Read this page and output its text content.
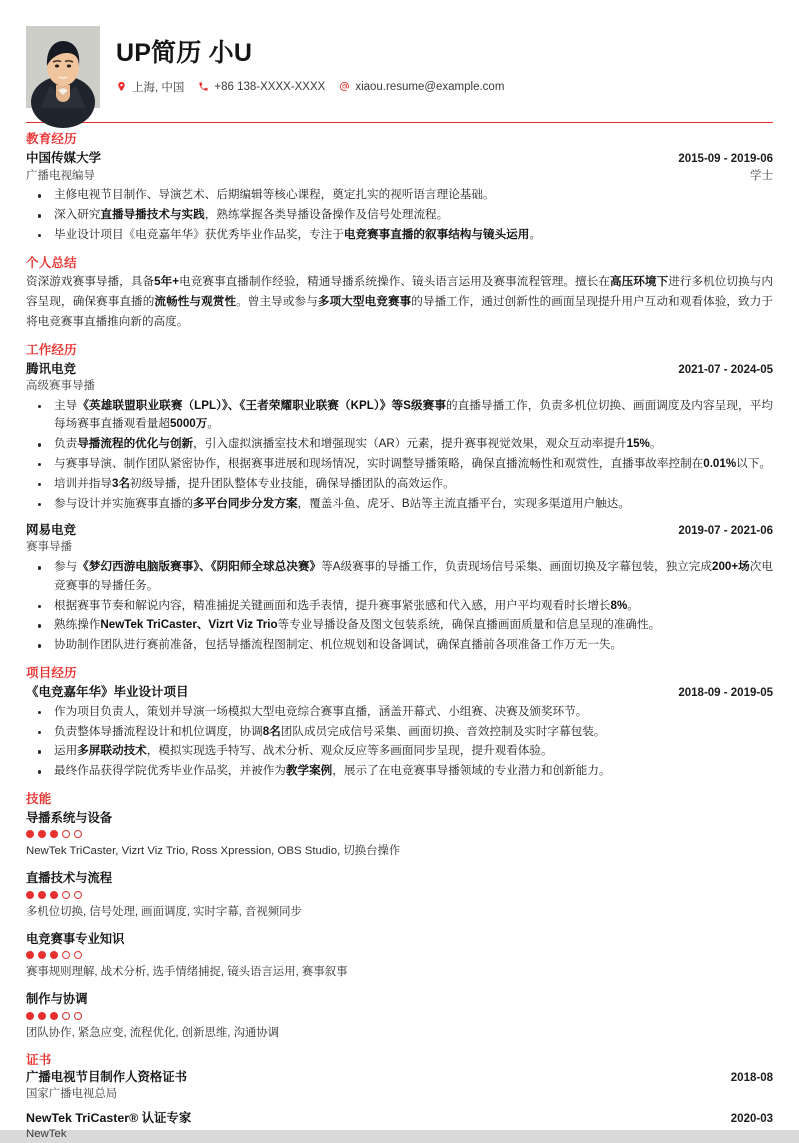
UP简历 小U
上海, 中国	+86 138-XXXX-XXXX	xiaou.resume@example.com
教育经历
中国传媒大学	2015-09 - 2019-06
广播电视编导	学士
主修电视节目制作、导演艺术、后期编辑等核心课程，奠定扎实的视听语言理论基础。
深入研究直播导播技术与实践，熟练掌握各类导播设备操作及信号处理流程。
毕业设计项目《电竞嘉年华》获优秀毕业作品奖，专注于电竞赛事直播的叙事结构与镜头运用。
个人总结

资深游戏赛事导播，具备5年+电竞赛事直播制作经验，精通导播系统操作、镜头语言运用及赛事流程管理。擅长在高压环境下进行多机位切换与内容呈现，确保赛事直播的流畅性与观赏性。曾主导或参与多项大型电竞赛事的导播工作，通过创新性的画面呈现提升用户互动和观看体验，致力于将电竞赛事直播推向新的高度。

工作经历
腾讯电竞	2021-07 - 2024-05
高级赛事导播
主导《英雄联盟职业联赛（LPL）》、《王者荣耀职业联赛（KPL）》等S级赛事的直播导播工作，负责多机位切换、画面调度及内容呈现，平均每场赛事直播观看量超5000万。
负责导播流程的优化与创新，引入虚拟演播室技术和增强现实（AR）元素，提升赛事视觉效果，观众互动率提升15%。
与赛事导演、制作团队紧密协作，根据赛事进展和现场情况，实时调整导播策略，确保直播流畅性和观赏性，直播事故率控制在0.01%以下。
培训并指导3名初级导播，提升团队整体专业技能，确保导播团队的高效运作。
参与设计并实施赛事直播的多平台同步分发方案，覆盖斗鱼、虎牙、B站等主流直播平台，实现多渠道用户触达。
网易电竞	2019-07 - 2021-06
赛事导播
参与《梦幻西游电脑版赛事》、《阴阳师全球总决赛》等A级赛事的导播工作，负责现场信号采集、画面切换及字幕包装，独立完成200+场次电竞赛事的导播任务。
根据赛事节奏和解说内容，精准捕捉关键画面和选手表情，提升赛事紧张感和代入感，用户平均观看时长增长8%。
熟练操作NewTek TriCaster、Vizrt Viz Trio等专业导播设备及图文包装系统，确保直播画面质量和信息呈现的准确性。
协助制作团队进行赛前准备，包括导播流程图制定、机位规划和设备调试，确保直播前各项准备工作万无一失。
项目经历
《电竞嘉年华》毕业设计项目	2018-09 - 2019-05
作为项目负责人，策划并导演一场模拟大型电竞综合赛事直播，涵盖开幕式、小组赛、决赛及颁奖环节。
负责整体导播流程设计和机位调度，协调8名团队成员完成信号采集、画面切换、音效控制及实时字幕包装。
运用多屏联动技术，模拟实现选手特写、战术分析、观众反应等多画面同步呈现，提升观看体验。
最终作品获得学院优秀毕业作品奖，并被作为教学案例，展示了在电竞赛事导播领域的专业潜力和创新能力。
技能
导播系统与设备
NewTek TriCaster, Vizrt Viz Trio, Ross Xpression, OBS Studio, 切换台操作
直播技术与流程
多机位切换, 信号处理, 画面调度, 实时字幕, 音视频同步
电竞赛事专业知识
赛事规则理解, 战术分析, 选手情绪捕捉, 镜头语言运用, 赛事叙事
制作与协调
团队协作, 紧急应变, 流程优化, 创新思维, 沟通协调
证书
广播电视节目制作人资格证书	2018-08
国家广播电视总局
NewTek TriCaster® 认证专家	2020-03
NewTek
